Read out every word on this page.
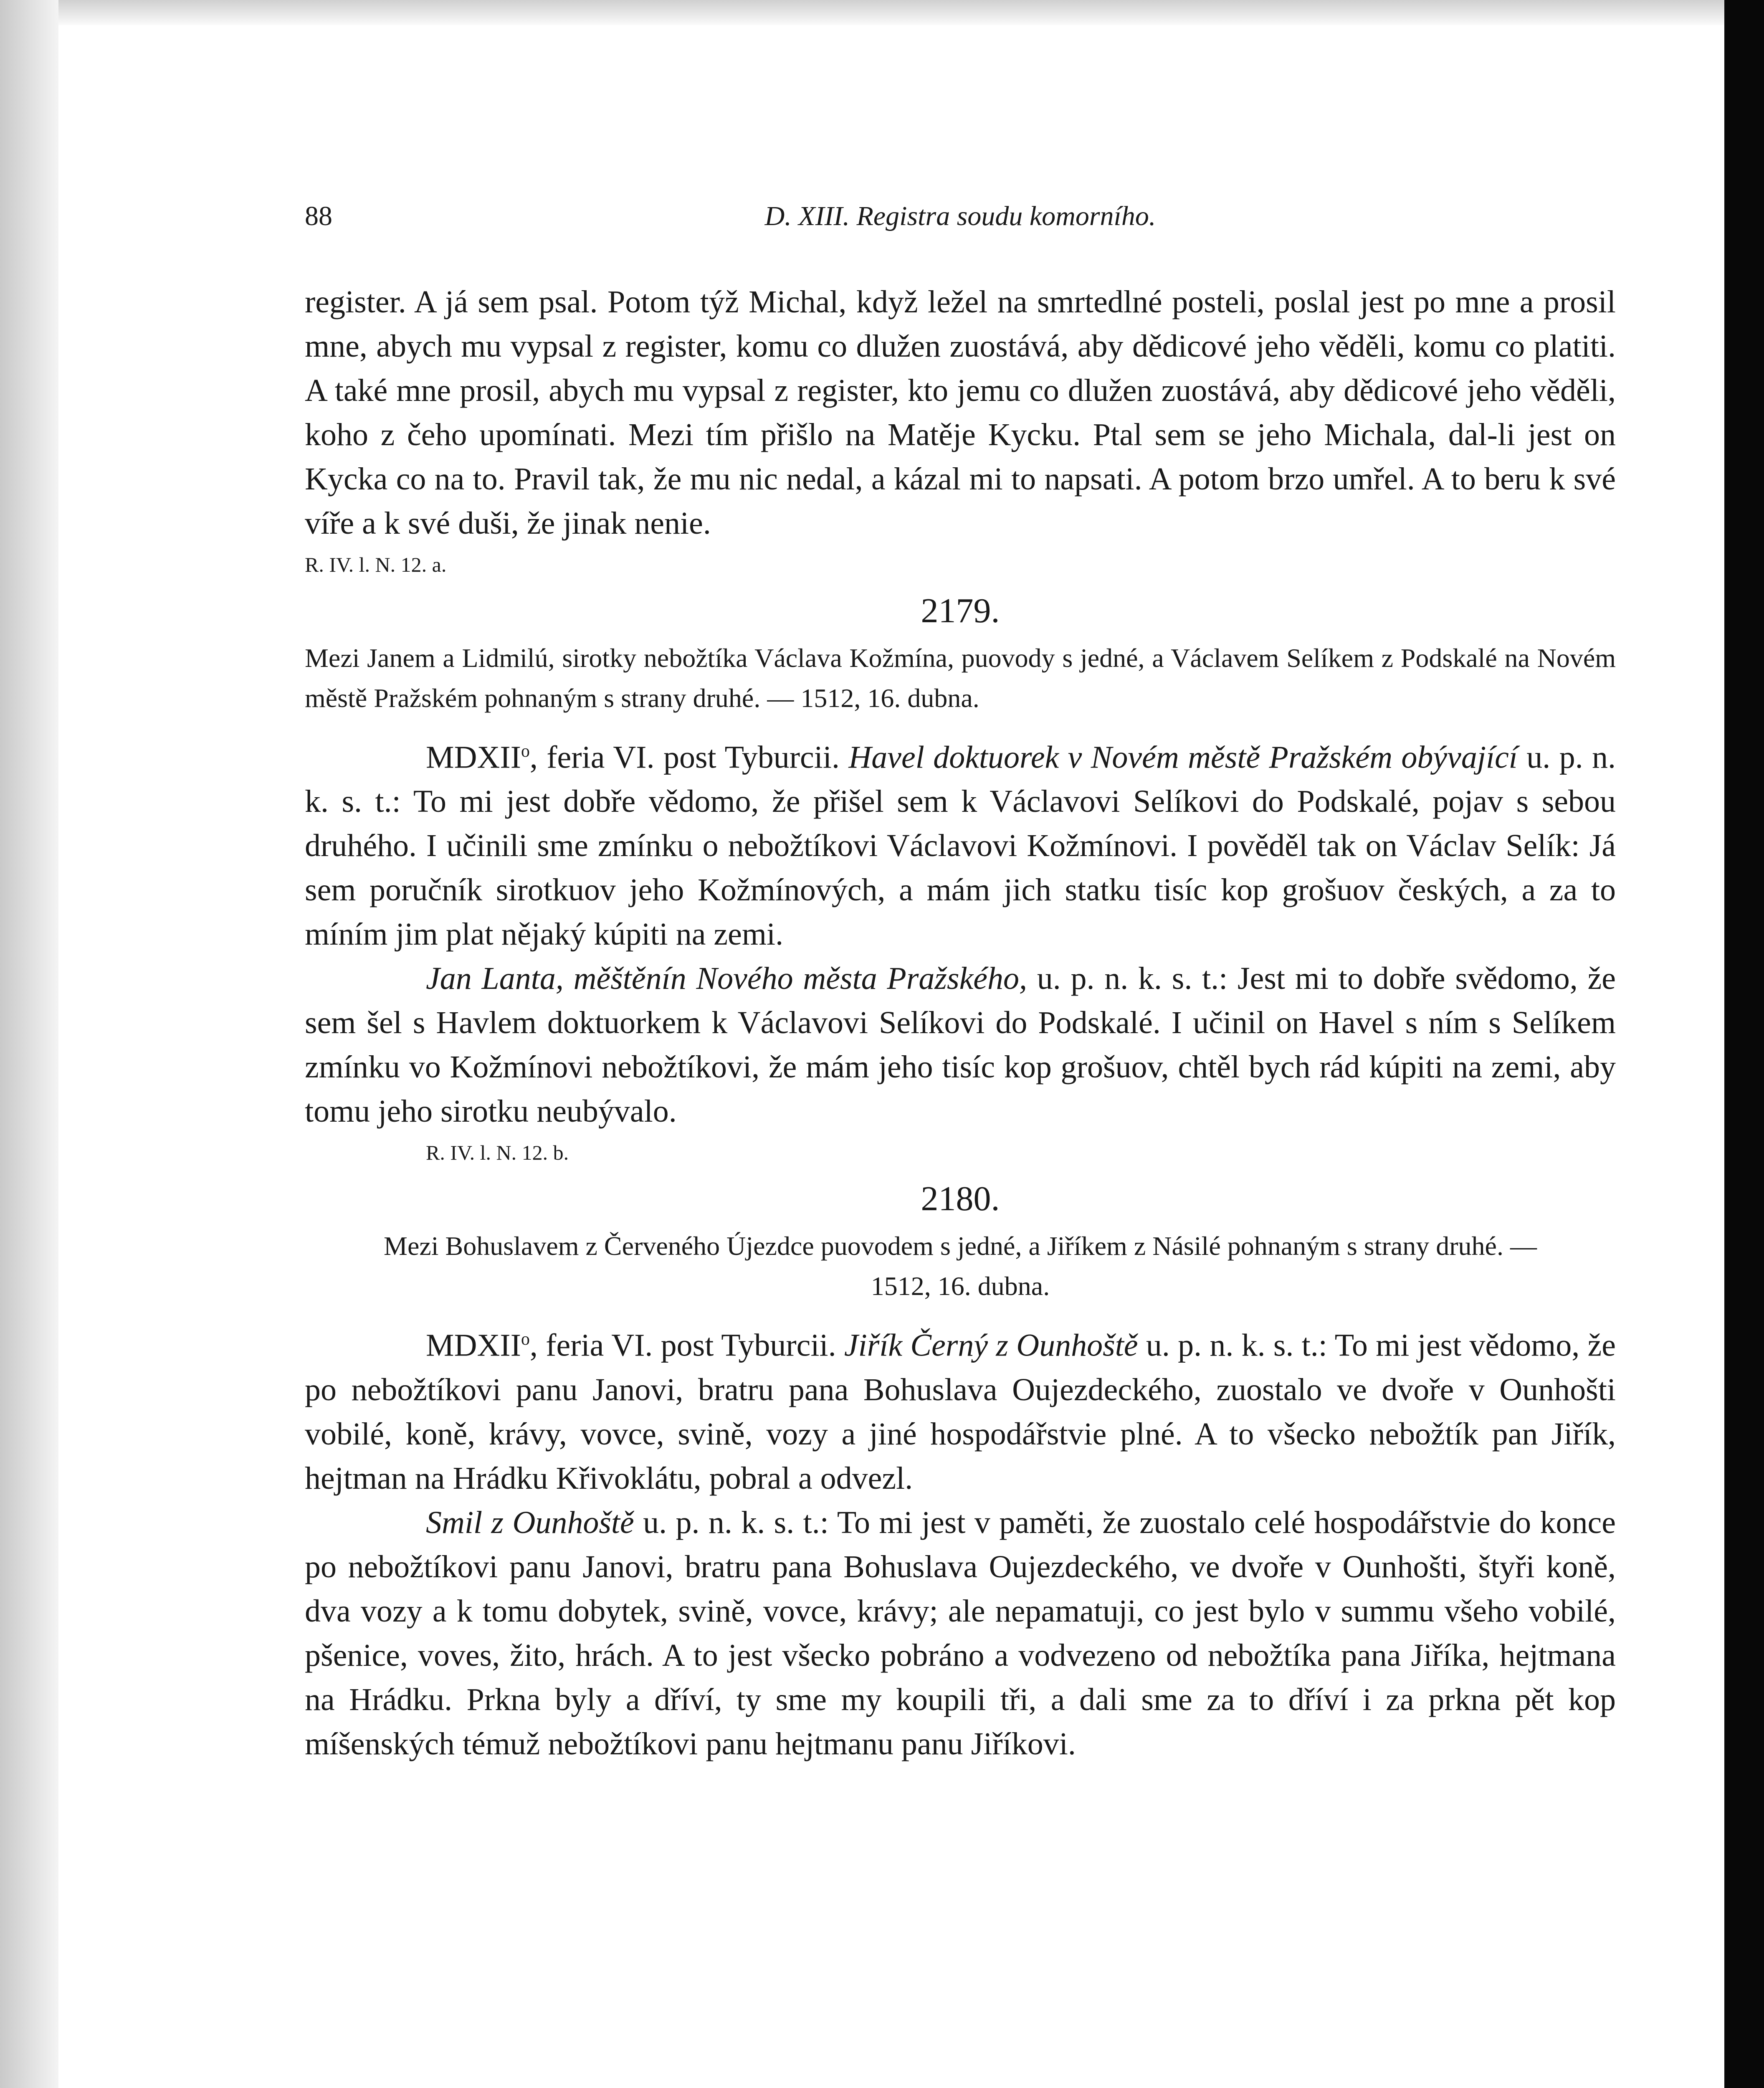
88	D. XIII. Registra soudu komorního.

register. A já sem psal. Potom týž Michal, když ležel na smrtedlné posteli, poslal jest po mne a prosil mne, abych mu vypsal z register, komu co dlužen zuostává, aby dědicové jeho věděli, komu co platiti. A také mne prosil, abych mu vypsal z register, kto jemu co dlužen zuostává, aby dědicové jeho věděli, koho z čeho upomínati. Mezi tím přišlo na Matěje Kycku. Ptal sem se jeho Michala, dal-li jest on Kycka co na to. Pravil tak, že mu nic nedal, a kázal mi to napsati. A potom brzo umřel. A to beru k své víře a k své duši, že jinak nenie.

R. IV. l. N. 12. a.
2179.
Mezi Janem a Lidmilú, sirotky nebožtíka Václava Kožmína, puovody s jedné, a Václavem Selíkem z Podskalé na Novém městě Pražském pohnaným s strany druhé. — 1512, 16. dubna.

MDXII$^o$, feria VI. post Tyburcii. Havel doktuorek v Novém městě Pražském obývající u. p. n. k. s. t.: To mi jest dobře vědomo, že přišel sem k Václavovi Selíkovi do Podskalé, pojav s sebou druhého. I učinili sme zmínku o nebožtíkovi Václavovi Kožmínovi. I pověděl tak on Václav Selík: Já sem poručník sirotkuov jeho Kožmínových, a mám jich statku tisíc kop grošuov českých, a za to míním jim plat nějaký kúpiti na zemi.

Jan Lanta, měštěnín Nového města Pražského, u. p. n. k. s. t.: Jest mi to dobře svědomo, že sem šel s Havlem doktuorkem k Václavovi Selíkovi do Podskalé. I učinil on Havel s ním s Selíkem zmínku vo Kožmínovi nebožtíkovi, že mám jeho tisíc kop grošuov, chtěl bych rád kúpiti na zemi, aby tomu jeho sirotku neubývalo.

R. IV. l. N. 12. b.
2180.
Mezi Bohuslavem z Červeného Újezdce puovodem s jedné, a Jiříkem z Násilé pohnaným s strany druhé. — 1512, 16. dubna.

MDXII$^o$, feria VI. post Tyburcii. Jiřík Černý z Ounhoště u. p. n. k. s. t.: To mi jest vědomo, že po nebožtíkovi panu Janovi, bratru pana Bohuslava Oujezdeckého, zuostalo ve dvoře v Ounhošti vobilé, koně, krávy, vovce, svině, vozy a jiné hospodářstvie plné. A to všecko nebožtík pan Jiřík, hejtman na Hrádku Křivoklátu, pobral a odvezl.

Smil z Ounhoště u. p. n. k. s. t.: To mi jest v paměti, že zuostalo celé hospodářstvie do konce po nebožtíkovi panu Janovi, bratru pana Bohuslava Oujezdeckého, ve dvoře v Ounhošti, štyři koně, dva vozy a k tomu dobytek, svině, vovce, krávy; ale nepamatuji, co jest bylo v summu všeho vobilé, pšenice, voves, žito, hrách. A to jest všecko pobráno a vodvezeno od nebožtíka pana Jiříka, hejtmana na Hrádku. Prkna byly a dříví, ty sme my koupili tři, a dali sme za to dříví i za prkna pět kop míšenských témuž nebožtíkovi panu hejtmanu panu Jiříkovi.
